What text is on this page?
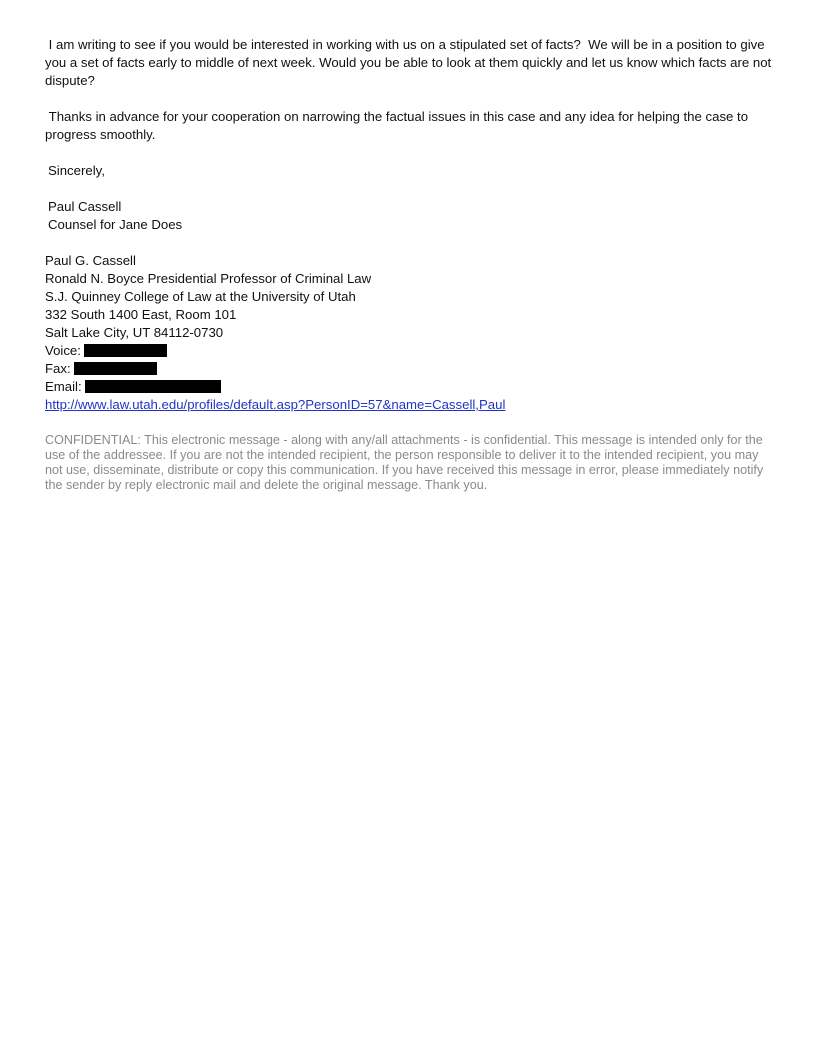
I am writing to see if you would be interested in working with us on a stipulated set of facts?  We will be in a position to give you a set of facts early to middle of next week. Would you be able to look at them quickly and let us know which facts are not dispute?

Thanks in advance for your cooperation on narrowing the factual issues in this case and any idea for helping the case to progress smoothly.

Sincerely,

Paul Cassell

Counsel for Jane Does

Paul G. Cassell

Ronald N. Boyce Presidential Professor of Criminal Law

S.J. Quinney College of Law at the University of Utah

332 South 1400 East, Room 101

Salt Lake City, UT 84112-0730

Voice:

Fax:

Email:

http://www.law.utah.edu/profiles/default.asp?PersonID=57&name=Cassell,Paul

CONFIDENTIAL: This electronic message - along with any/all attachments - is confidential. This message is intended only for the use of the addressee. If you are not the intended recipient, the person responsible to deliver it to the intended recipient, you may not use, disseminate, distribute or copy this communication. If you have received this message in error, please immediately notify the sender by reply electronic mail and delete the original message. Thank you.
